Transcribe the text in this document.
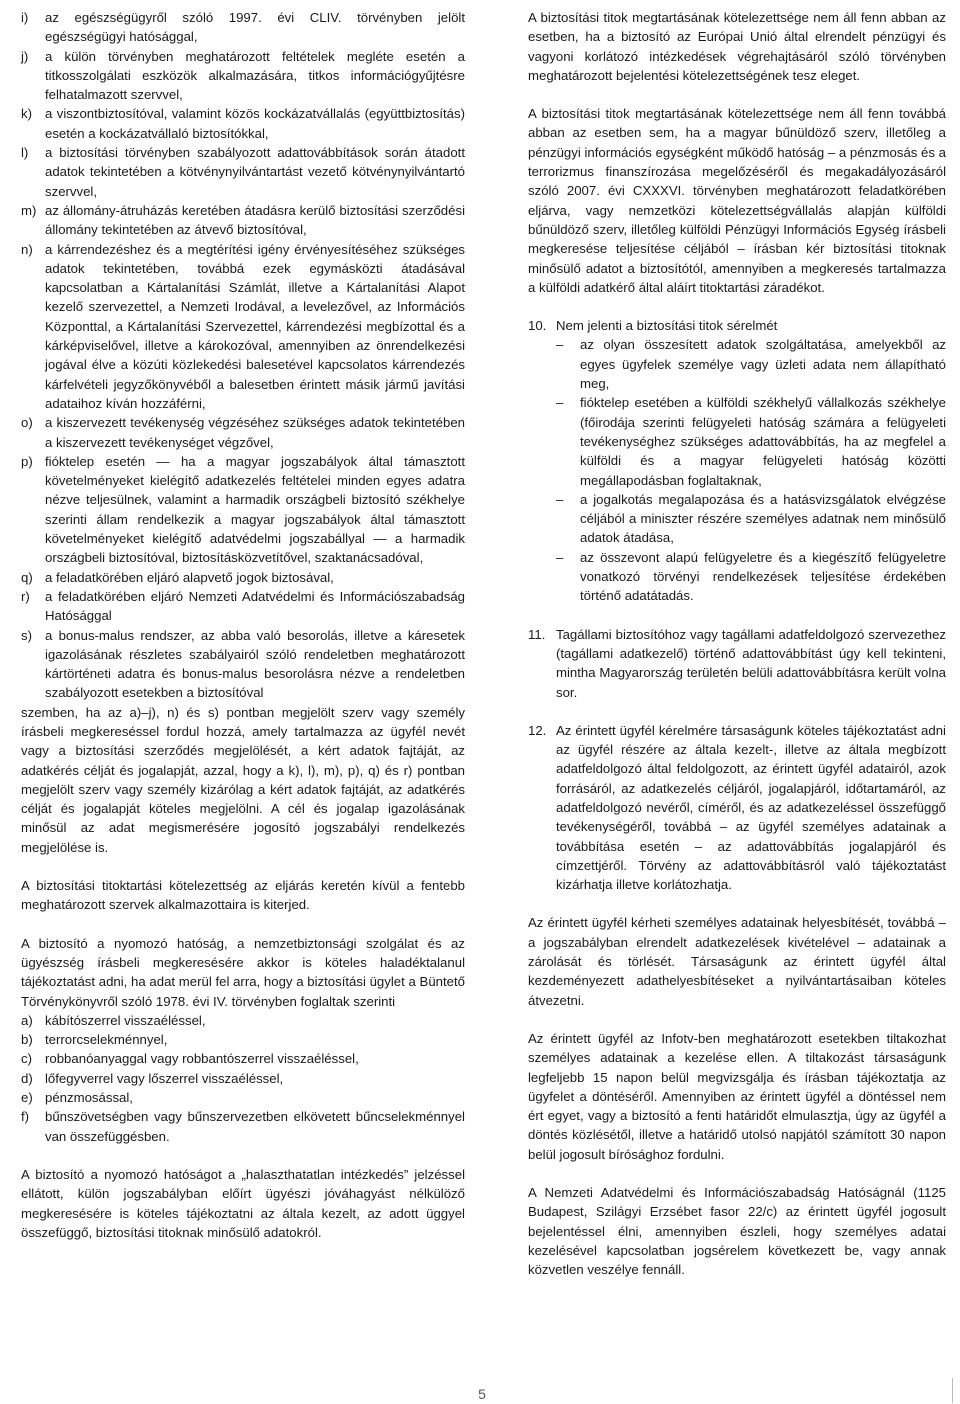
i)	az egészségügyről szóló 1997. évi CLIV. törvényben jelölt egészségügyi hatósággal,
j)	a külön törvényben meghatározott feltételek megléte esetén a titkosszolgálati eszközök alkalmazására, titkos információgyűjtésre felhatalmazott szervvel,
k) a viszontbiztosítóval, valamint közös kockázatvállalás (együttbiztosítás) esetén a kockázatvállaló biztosítókkal,
l)	a biztosítási törvényben szabályozott adattovábbítások során átadott adatok tekintetében a kötvénynyilvántartást vezető kötvénynyilvántartó szervvel,
m) az állomány-átruházás keretében átadásra kerülő biztosítási szerződési állomány tekintetében az átvevő biztosítóval,
n) a kárrendezéshez és a megtérítési igény érvényesítéséhez szükséges adatok tekintetében, továbbá ezek egymásközti átadásával kapcsolatban a Kártalanítási Számlát, illetve a Kártalanítási Alapot kezelő szervezettel, a Nemzeti Irodával, a levelezővel, az Információs Központtal, a Kártalanítási Szervezettel, kárrendezési megbízottal és a kárképviselővel, illetve a károkozóval, amennyiben az önrendelkezési jogával élve a közúti közlekedési balesetével kapcsolatos kárrendezés kárfelvételi jegyzőkönyvéből a balesetben érintett másik jármű javítási adataihoz kíván hozzáférni,
o) a kiszervezett tevékenység végzéséhez szükséges adatok tekintetében a kiszervezett tevékenységet végzővel,
p) fióktelep esetén — ha a magyar jogszabályok által támasztott követelményeket kielégítő adatkezelés feltételei minden egyes adatra nézve teljesülnek, valamint a harmadik országbeli biztosító székhelye szerinti állam rendelkezik a magyar jogszabályok által támasztott követelményeket kielégítő adatvédelmi jogszabállyal — a harmadik országbeli biztosítóval, biztosításközvetítővel, szaktanácsadóval,
q) a feladatkörében eljáró alapvető jogok biztosával,
r)	a feladatkörében eljáró Nemzeti Adatvédelmi és Információszabadság Hatósággal
s) a bonus-malus rendszer, az abba való besorolás, illetve a káresetek igazolásának részletes szabályairól szóló rendeletben meghatározott kártörténeti adatra és bonus-malus besorolásra nézve a rendeletben szabályozott esetekben a biztosítóval

szemben, ha az a)–j), n) és s) pontban megjelölt szerv vagy személy írásbeli megkereséssel fordul hozzá, amely tartalmazza az ügyfél nevét vagy a biztosítási szerződés megjelölését, a kért adatok fajtáját, az adatkérés célját és jogalapját, azzal, hogy a k), l), m), p), q) és r) pontban megjelölt szerv vagy személy kizárólag a kért adatok fajtáját, az adatkérés célját és jogalapját köteles megjelölni. A cél és jogalap igazolásának minősül az adat megismerésére jogosító jogszabályi rendelkezés megjelölése is.

A biztosítási titoktartási kötelezettség az eljárás keretén kívül a fentebb meghatározott szervek alkalmazottaira is kiterjed.

A biztosító a nyomozó hatóság, a nemzetbiztonsági szolgálat és az ügyészség írásbeli megkeresésére akkor is köteles haladéktalanul tájékoztatást adni, ha adat merül fel arra, hogy a biztosítási ügylet a Büntető Törvénykönyvről szóló 1978. évi IV. törvényben foglaltak szerinti

a) kábítószerrel visszaéléssel,
b) terrorcselekménnyel,
c) robbanóanyaggal vagy robbantószerrel visszaéléssel,
d) lőfegyverrel vagy lőszerrel visszaéléssel,
e) pénzmosással,
f)	bűnszövetségben vagy bűnszervezetben elkövetett bűncselekménnyel van összefüggésben.

A biztosító a nyomozó hatóságot a „halaszthatatlan intézkedés” jelzéssel ellátott, külön jogszabályban előírt ügyészi jóváhagyást nélkülöző megkeresésére is köteles tájékoztatni az általa kezelt, az adott üggyel összefüggő, biztosítási titoknak minősülő adatokról.

A biztosítási titok megtartásának kötelezettsége nem áll fenn abban az esetben, ha a biztosító az Európai Unió által elrendelt pénzügyi és vagyoni korlátozó intézkedések végrehajtásáról szóló törvényben meghatározott bejelentési kötelezettségének tesz eleget.

A biztosítási titok megtartásának kötelezettsége nem áll fenn továbbá abban az esetben sem, ha a magyar bűnüldöző szerv, illetőleg a pénzügyi információs egységként működő hatóság – a pénzmosás és a terrorizmus finanszírozása megelőzéséről és megakadályozásáról szóló 2007. évi CXXXVI. törvényben meghatározott feladatkörében eljárva, vagy nemzetközi kötelezettségvállalás alapján külföldi bűnüldöző szerv, illetőleg külföldi Pénzügyi Információs Egység írásbeli megkeresése teljesítése céljából – írásban kér biztosítási titoknak minősülő adatot a biztosítótól, amennyiben a megkeresés tartalmazza a külföldi adatkérő által aláírt titoktartási záradékot.

10. Nem jelenti a biztosítási titok sérelmét
–	az olyan összesített adatok szolgáltatása, amelyekből az egyes ügyfelek személye vagy üzleti adata nem állapítható meg,
–	fióktelep esetében a külföldi székhelyű vállalkozás székhelye (főirodája szerinti felügyeleti hatóság számára a felügyeleti tevékenységhez szükséges adattovábbítás, ha az megfelel a külföldi és a magyar felügyeleti hatóság közötti megállapodásban foglaltaknak,
–	a jogalkotás megalapozása és a hatásvizsgálatok elvégzése céljából a miniszter részére személyes adatnak nem minősülő adatok átadása,
–	az összevont alapú felügyeletre és a kiegészítő felügyeletre vonatkozó törvényi rendelkezések teljesítése érdekében történő adatátadás.
11. Tagállami biztosítóhoz vagy tagállami adatfeldolgozó szervezethez (tagállami adatkezelő) történő adattovábbítást úgy kell tekinteni, mintha Magyarország területén belüli adattovábbításra került volna sor.
12. Az érintett ügyfél kérelmére társaságunk köteles tájékoztatást adni az ügyfél részére az általa kezelt-, illetve az általa megbízott adatfeldolgozó által feldolgozott, az érintett ügyfél adatairól, azok forrásáról, az adatkezelés céljáról, jogalapjáról, időtartamáról, az adatfeldolgozó nevéről, címéről, és az adatkezeléssel összefüggő tevékenységéről, továbbá – az ügyfél személyes adatainak a továbbítása esetén – az adattovábbítás jogalapjáról és címzettjéről. Törvény az adattovábbításról való tájékoztatást kizárhatja illetve korlátozhatja.

Az érintett ügyfél kérheti személyes adatainak helyesbítését, továbbá – a jogszabályban elrendelt adatkezelések kivételével – adatainak a zárolását és törlését. Társaságunk az érintett ügyfél által kezdeményezett adathelyesbítéseket a nyilvántartásaiban köteles átvezetni.

Az érintett ügyfél az Infotv-ben meghatározott esetekben tiltakozhat személyes adatainak a kezelése ellen. A tiltakozást társaságunk legfeljebb 15 napon belül megvizsgálja és írásban tájékoztatja az ügyfelet a döntéséről. Amennyiben az érintett ügyfél a döntéssel nem ért egyet, vagy a biztosító a fenti határidőt elmulasztja, úgy az ügyfél a döntés közlésétől, illetve a határidő utolsó napjától számított 30 napon belül jogosult bírósághoz fordulni.

A Nemzeti Adatvédelmi és Információszabadság Hatóságnál (1125 Budapest, Szilágyi Erzsébet fasor 22/c) az érintett ügyfél jogosult bejelentéssel élni, amennyiben észleli, hogy személyes adatai kezelésével kapcsolatban jogsérelem következett be, vagy annak közvetlen veszélye fennáll.

5
